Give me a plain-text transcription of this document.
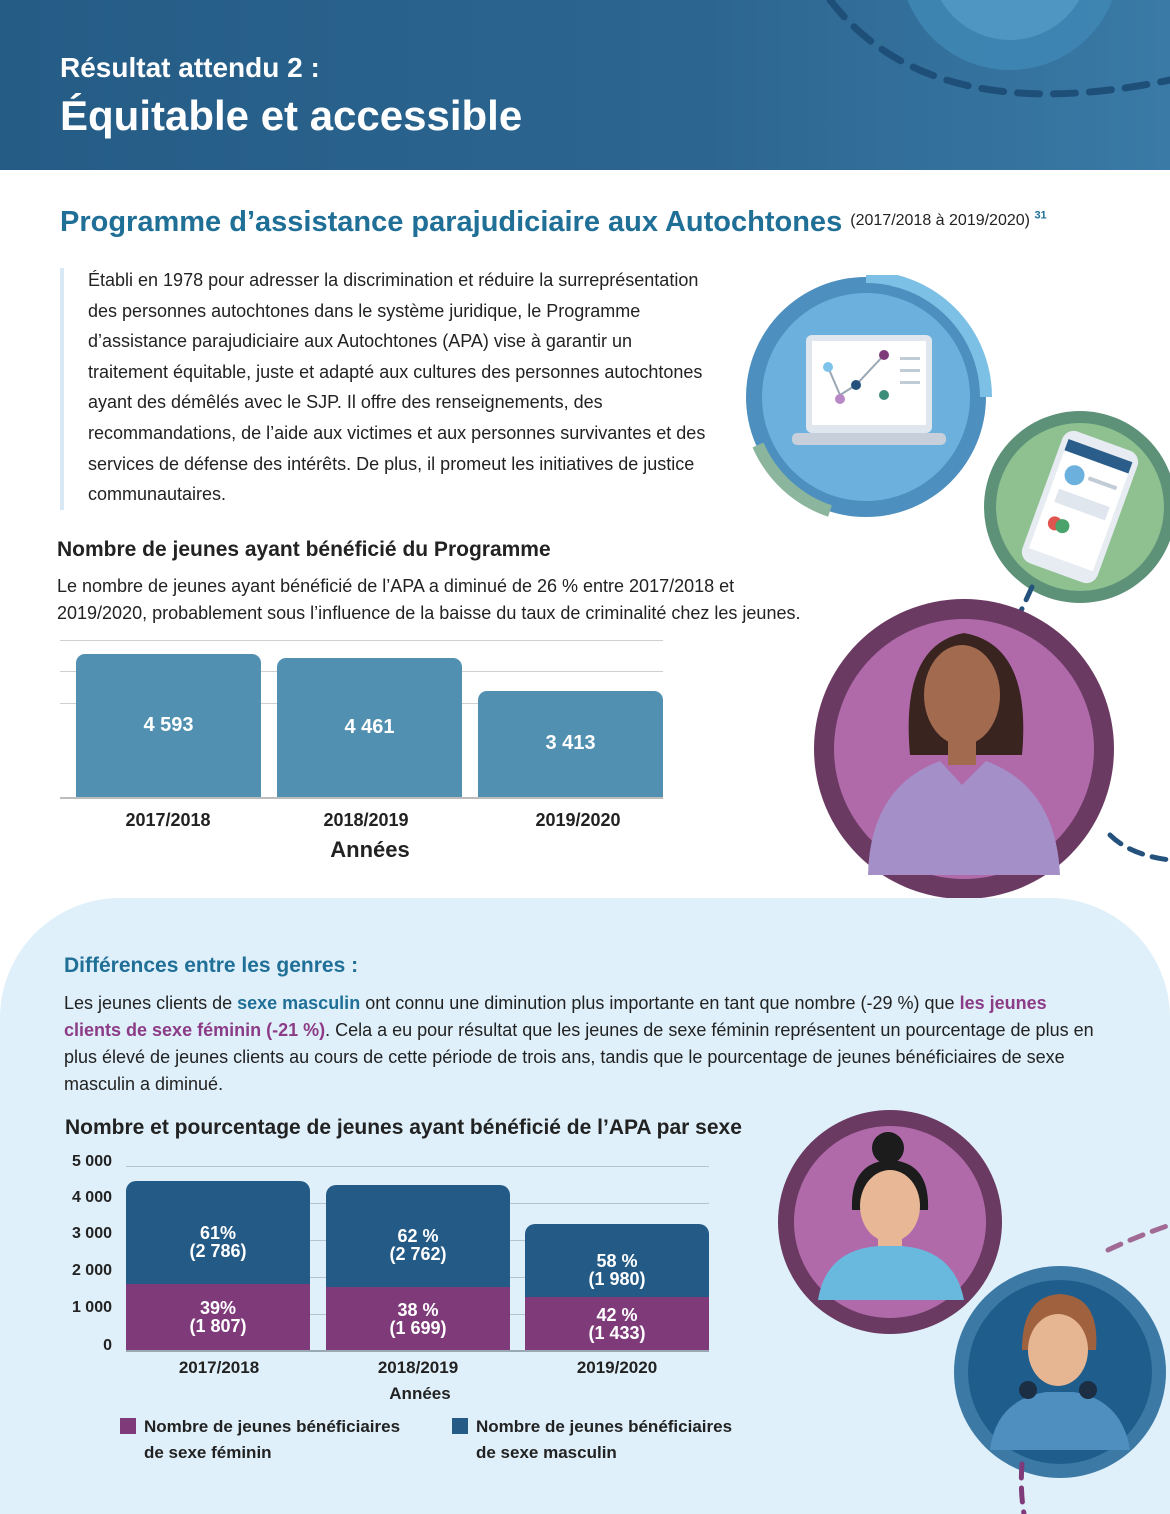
Résultat attendu 2 :
Équitable et accessible
Programme d’assistance parajudiciaire aux Autochtones $^{(2017/2018 à 2019/2020) ^{31}}$
Établi en 1978 pour adresser la discrimination et réduire la surreprésentation des personnes autochtones dans le système juridique, le Programme d’assistance parajudiciaire aux Autochtones (APA) vise à garantir un traitement équitable, juste et adapté aux cultures des personnes autochtones ayant des démêlés avec le SJP. Il offre des renseignements, des recommandations, de l’aide aux victimes et aux personnes survivantes et des services de défense des intérêts. De plus, il promeut les initiatives de justice communautaires.
Nombre de jeunes ayant bénéficié du Programme
Le nombre de jeunes ayant bénéficié de l’APA a diminué de 26 % entre 2017/2018 et
2019/2020, probablement sous l’influence de la baisse du taux de criminalité chez les jeunes.
4 593	4 461
3 413
2017/2018	2018/2019	2019/2020
Années
Différences entre les genres :
Les jeunes clients de sexe masculin ont connu une diminution plus importante en tant que nombre (-29 %) que les jeunes clients de sexe féminin (-21 %). Cela a eu pour résultat que les jeunes de sexe féminin représentent un pourcentage de plus en plus élevé de jeunes clients au cours de cette période de trois ans, tandis que le pourcentage de jeunes bénéficiaires de sexe masculin a diminué.
Nombre et pourcentage de jeunes ayant bénéficié de l’APA par sexe
5 000
4 000
3 000
2 000
1 000
0
39%
(1 807)
61%
(2 786)
38 %
(1 699)
62 %
(2 762)
42 %
(1 433)
58 %
(1 980)
2017/2018	2018/2019	2019/2020
Années
Nombre de jeunes bénéficiaires
de sexe féminin
Nombre de jeunes bénéficiaires
de sexe masculin
